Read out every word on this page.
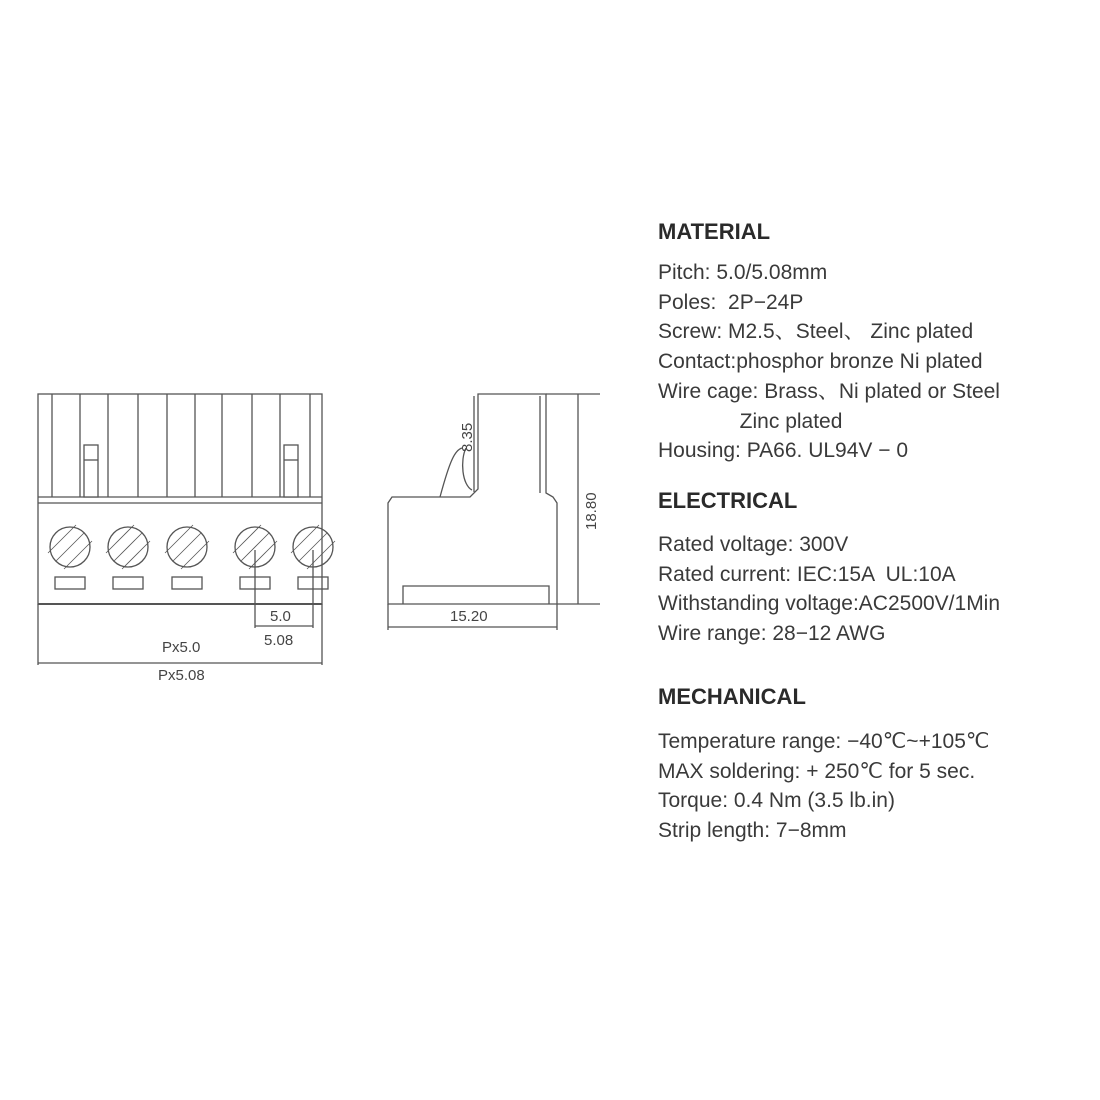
5.0
5.08
Px5.0
Px5.08
15.20
18.80
8.35
MATERIAL
Pitch: 5.0/5.08mm
Poles:  2P−24P
Screw: M2.5、Steel、 Zinc plated
Contact:phosphor bronze Ni plated
Wire cage: Brass、Ni plated or Steel
Zinc plated
Housing: PA66. UL94V − 0
ELECTRICAL
Rated voltage: 300V
Rated current: IEC:15A  UL:10A
Withstanding voltage:AC2500V/1Min
Wire range: 28−12 AWG
MECHANICAL
Temperature range: −40℃~+105℃
MAX soldering: + 250℃ for 5 sec.
Torque: 0.4 Nm (3.5 lb.in)
Strip length: 7−8mm
